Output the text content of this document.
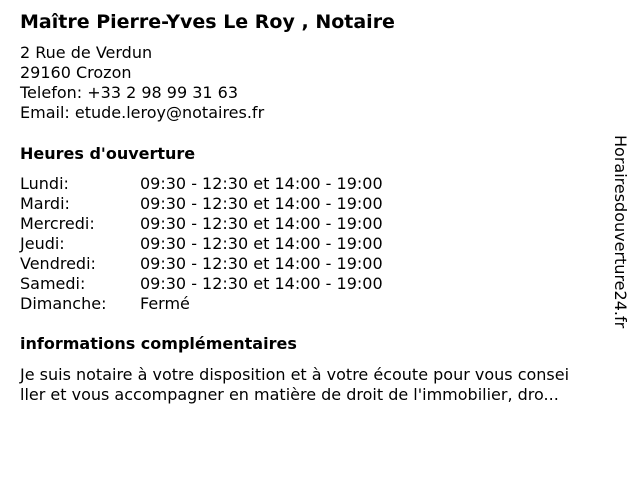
Maître Pierre-Yves Le Roy , Notaire
2 Rue de Verdun
29160 Crozon
Telefon: +33 2 98 99 31 63
Email: etude.leroy@notaires.fr
Heures d'ouverture
Lundi:	09:30 - 12:30 et 14:00 - 19:00
Mardi:	09:30 - 12:30 et 14:00 - 19:00
Mercredi:	09:30 - 12:30 et 14:00 - 19:00
Jeudi:	09:30 - 12:30 et 14:00 - 19:00
Vendredi:	09:30 - 12:30 et 14:00 - 19:00
Samedi:	09:30 - 12:30 et 14:00 - 19:00
Dimanche: Fermé
informations complémentaires
Je suis notaire à votre disposition et à votre écoute pour vous consei
ller et vous accompagner en matière de droit de l'immobilier, dro...
Horairesdouverture24.fr
